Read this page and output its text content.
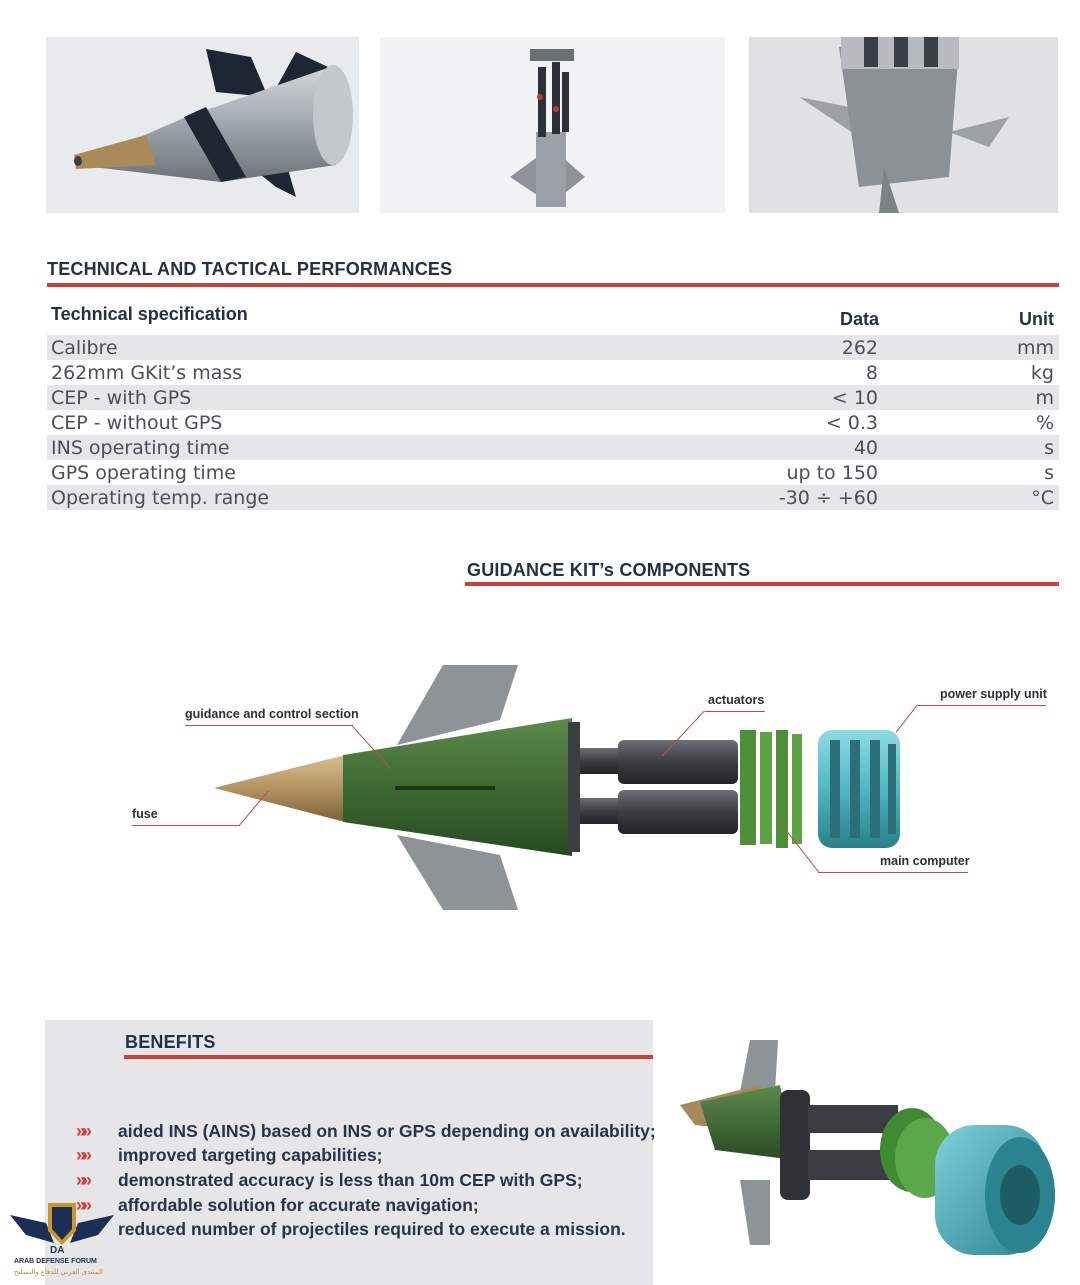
TECHNICAL AND TACTICAL PERFORMANCES
Technical specification	Data	Unit
Calibre	262	mm
262mm GKit’s mass	8	kg
CEP - with GPS	< 10	m
CEP - without GPS	< 0.3	%
INS operating time	40	s
GPS operating time	up to 150	s
Operating temp. range	-30 ÷ +60	°C
GUIDANCE KIT’s COMPONENTS
guidance and control section
actuators	power supply unit
fuse
main computer
BENEFITS
»» aided INS (AINS) based on INS or GPS depending on availability;
»» improved targeting capabilities;
»» demonstrated accuracy is less than 10m CEP with GPS;
»» affordable solution for accurate navigation;
reduced number of projectiles required to execute a mission.
DA
ARAB DEFENSE FORUM
المنتدى العربي للدفاع والتسليح
